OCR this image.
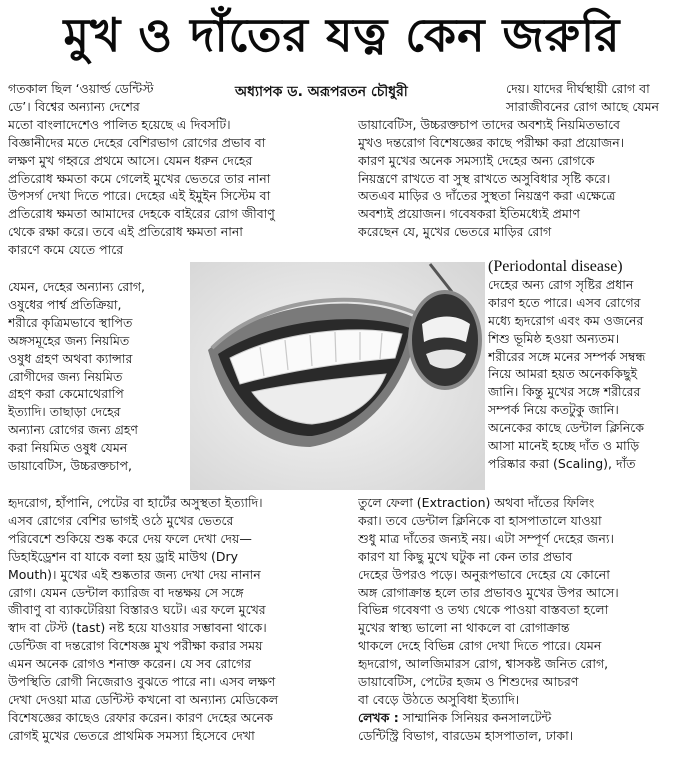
মুখ ও দাঁতের যত্ন কেন জরুরি
অধ্যাপক ড. অরূপরতন চৌধুরী

গতকাল ছিল ‘ওয়ার্ল্ড ডেন্টিস্ট

ডে’। বিশ্বের অন্যান্য দেশের

মতো বাংলাদেশেও পালিত হয়েছে এ দিবসটি।

বিজ্ঞানীদের মতে দেহের বেশিরভাগ রোগের প্রভাব বা

লক্ষণ মুখ গহ্বরে প্রথমে আসে। যেমন ধরুন দেহের

প্রতিরোধ ক্ষমতা কমে গেলেই মুখের ভেতরে তার নানা

উপসর্গ দেখা দিতে পারে। দেহের এই ইমুইন সিস্টেম বা

প্রতিরোধ ক্ষমতা আমাদের দেহকে বাইরের রোগ জীবাণু

থেকে রক্ষা করে। তবে এই প্রতিরোধ ক্ষমতা নানা

কারণে কমে যেতে পারে

যেমন, দেহের অন্যান্য রোগ,

ওষুধের পার্শ্ব প্রতিক্রিয়া,

শরীরে কৃত্রিমভাবে স্থাপিত

অঙ্গসমূহের জন্য নিয়মিত

ওষুধ গ্রহণ অথবা ক্যান্সার

রোগীদের জন্য নিয়মিত

গ্রহণ করা কেমোথেরাপি

ইত্যাদি। তাছাড়া দেহের

অন্যান্য রোগের জন্য গ্রহণ

করা নিয়মিত ওষুধ যেমন

ডায়াবেটিস, উচ্চরক্তচাপ,

হৃদরোগ, হাঁপানি, পেটের বা হার্টের অসুস্থতা ইত্যাদি।

এসব রোগের বেশির ভাগই ওঠে মুখের ভেতরে

পরিবেশে শুকিয়ে শুষ্ক করে দেয় ফলে দেখা দেয়—

ডিহাইড্রেশন বা যাকে বলা হয় ড্রাই মাউথ (Dry

Mouth)। মুখের এই শুষ্কতার জন্য দেখা দেয় নানান

রোগ। যেমন ডেন্টাল ক্যারিজ বা দন্তক্ষয় সে সঙ্গে

জীবাণু বা ব্যাকটেরিয়া বিস্তারও ঘটে। এর ফলে মুখের

স্বাদ বা টেস্ট (tast) নষ্ট হয়ে যাওয়ার সম্ভাবনা থাকে।

ডেন্টিজ বা দন্তরোগ বিশেষজ্ঞ মুখ পরীক্ষা করার সময়

এমন অনেক রোগও শনাক্ত করেন। যে সব রোগের

উপস্থিতি রোগী নিজেরাও বুঝতে পারে না। এসব লক্ষণ

দেখা দেওয়া মাত্র ডেন্টিস্ট কখনো বা অন্যান্য মেডিকেল

বিশেষজ্ঞের কাছেও রেফার করেন। কারণ দেহের অনেক

রোগই মুখের ভেতরে প্রাথমিক সমস্যা হিসেবে দেখা

দেয়। যাদের দীর্ঘস্থায়ী রোগ বা

সারাজীবনের রোগ আছে যেমন

ডায়াবেটিস, উচ্চরক্তচাপ তাদের অবশ্যই নিয়মিতভাবে

মুখও দন্তরোগ বিশেষজ্ঞের কাছে পরীক্ষা করা প্রয়োজন।

কারণ মুখের অনেক সমস্যাই দেহের অন্য রোগকে

নিয়ন্ত্রণে রাখতে বা সুস্থ রাখতে অসুবিধার সৃষ্টি করে।

অতএব মাড়ির ও দাঁতের সুস্থতা নিয়ন্ত্রণ করা এক্ষেত্রে

অবশ্যই প্রয়োজন। গবেষকরা ইতিমধ্যেই প্রমাণ

করেছেন যে, মুখের ভেতরে মাড়ির রোগ

(Periodontal disease)

দেহের অন্য রোগ সৃষ্টির প্রধান

কারণ হতে পারে। এসব রোগের

মধ্যে হৃদরোগ এবং কম ওজনের

শিশু ভূমিষ্ঠ হওয়া অন্যতম।

শরীরের সঙ্গে মনের সম্পর্ক সম্বন্ধ

নিয়ে আমরা হয়ত অনেককিছুই

জানি। কিন্তু মুখের সঙ্গে শরীরের

সম্পর্ক নিয়ে কতটুকু জানি।

অনেকের কাছে ডেন্টাল ক্লিনিকে

আসা মানেই হচ্ছে দাঁত ও মাড়ি

পরিষ্কার করা (Scaling), দাঁত

তুলে ফেলা (Extraction) অথবা দাঁতের ফিলিং

করা। তবে ডেন্টাল ক্লিনিকে বা হাসপাতালে যাওয়া

শুধু মাত্র দাঁতের জন্যই নয়। এটা সম্পূর্ণ দেহের জন্য।

কারণ যা কিছু মুখে ঘটুক না কেন তার প্রভাব

দেহের উপরও পড়ে। অনুরূপভাবে দেহের যে কোনো

অঙ্গ রোগাক্রান্ত হলে তার প্রভাবও মুখের উপর আসে।

বিভিন্ন গবেষণা ও তথ্য থেকে পাওয়া বাস্তবতা হলো

মুখের স্বাস্থ্য ভালো না থাকলে বা রোগাক্রান্ত

থাকলে দেহে বিভিন্ন রোগ দেখা দিতে পারে। যেমন

হৃদরোগ, আলজিমারস রোগ, শ্বাসকষ্ট জনিত রোগ,

ডায়াবেটিস, পেটের হজম ও শিশুদের আচরণ

বা বেড়ে উঠতে অসুবিধা ইত্যাদি।

লেখক : সাম্মানিক সিনিয়র কনসালটেন্ট

ডেন্টিস্ট্রি বিভাগ, বারডেম হাসপাতাল, ঢাকা।
